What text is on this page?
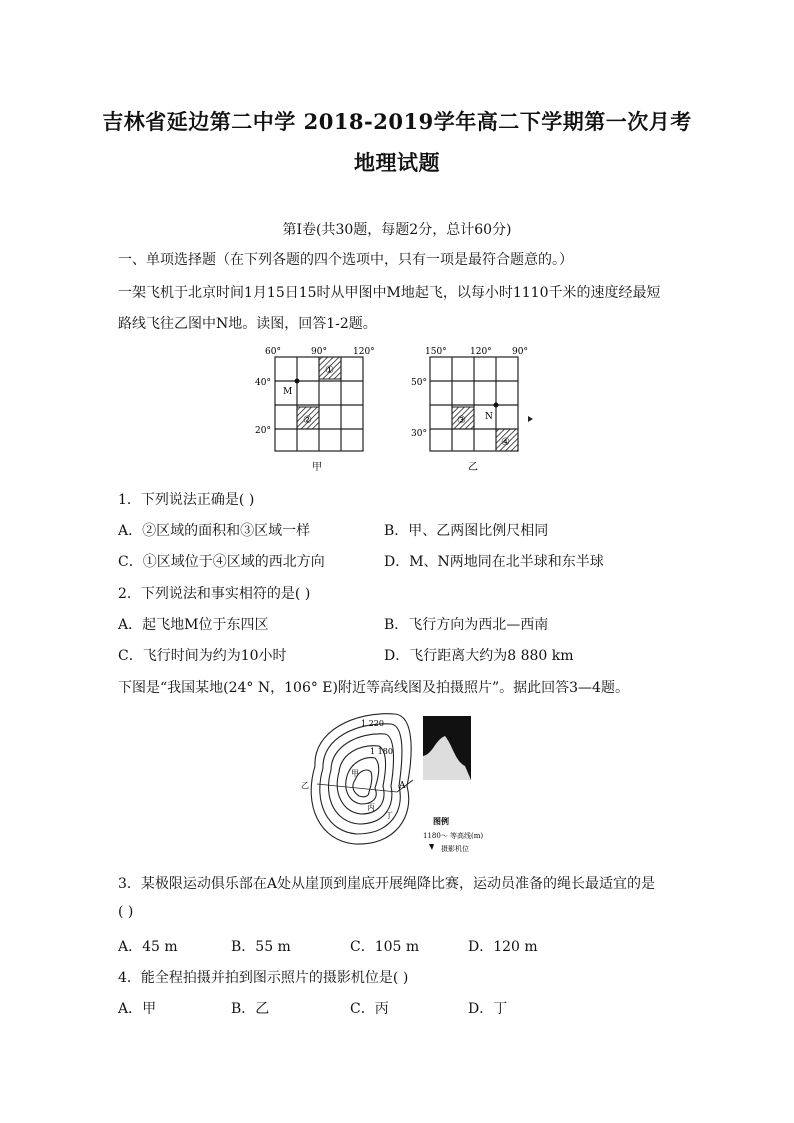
吉林省延边第二中学 2018-2019学年高二下学期第一次月考
地理试题
第Ⅰ卷(共30题，每题2分，总计60分)
一、单项选择题（在下列各题的四个选项中，只有一项是最符合题意的。）
一架飞机于北京时间1月15日15时从甲图中M地起飞，以每小时1110千米的速度经最短
路线飞往乙图中N地。读图，回答1-2题。
60°	90°	120°
40°
20°
M
①
②
甲
150°	120° 90°
50°
30°
N
③
④
乙
1．下列说法正确是( )
A．②区域的面积和③区域一样	B．甲、乙两图比例尺相同
C．①区域位于④区域的西北方向	D．M、N两地同在北半球和东半球
2．下列说法和事实相符的是( )
A．起飞地M位于东四区	B．飞行方向为西北—西南
C．飞行时间为约为10小时	D．飞行距离大约为8 880 km
下图是“我国某地(24° N，106° E)附近等高线图及拍摄照片”。据此回答3—4题。
1 220
1 180
甲
乙
丙
丁
A
图例
1180～ 等高线(m)
摄影机位
3．某极限运动俱乐部在A处从崖顶到崖底开展绳降比赛，运动员准备的绳长最适宜的是
( )
A．45 m	B．55 m	C．105 m	D．120 m
4．能全程拍摄并拍到图示照片的摄影机位是( )
A．甲	B．乙	C．丙	D．丁
